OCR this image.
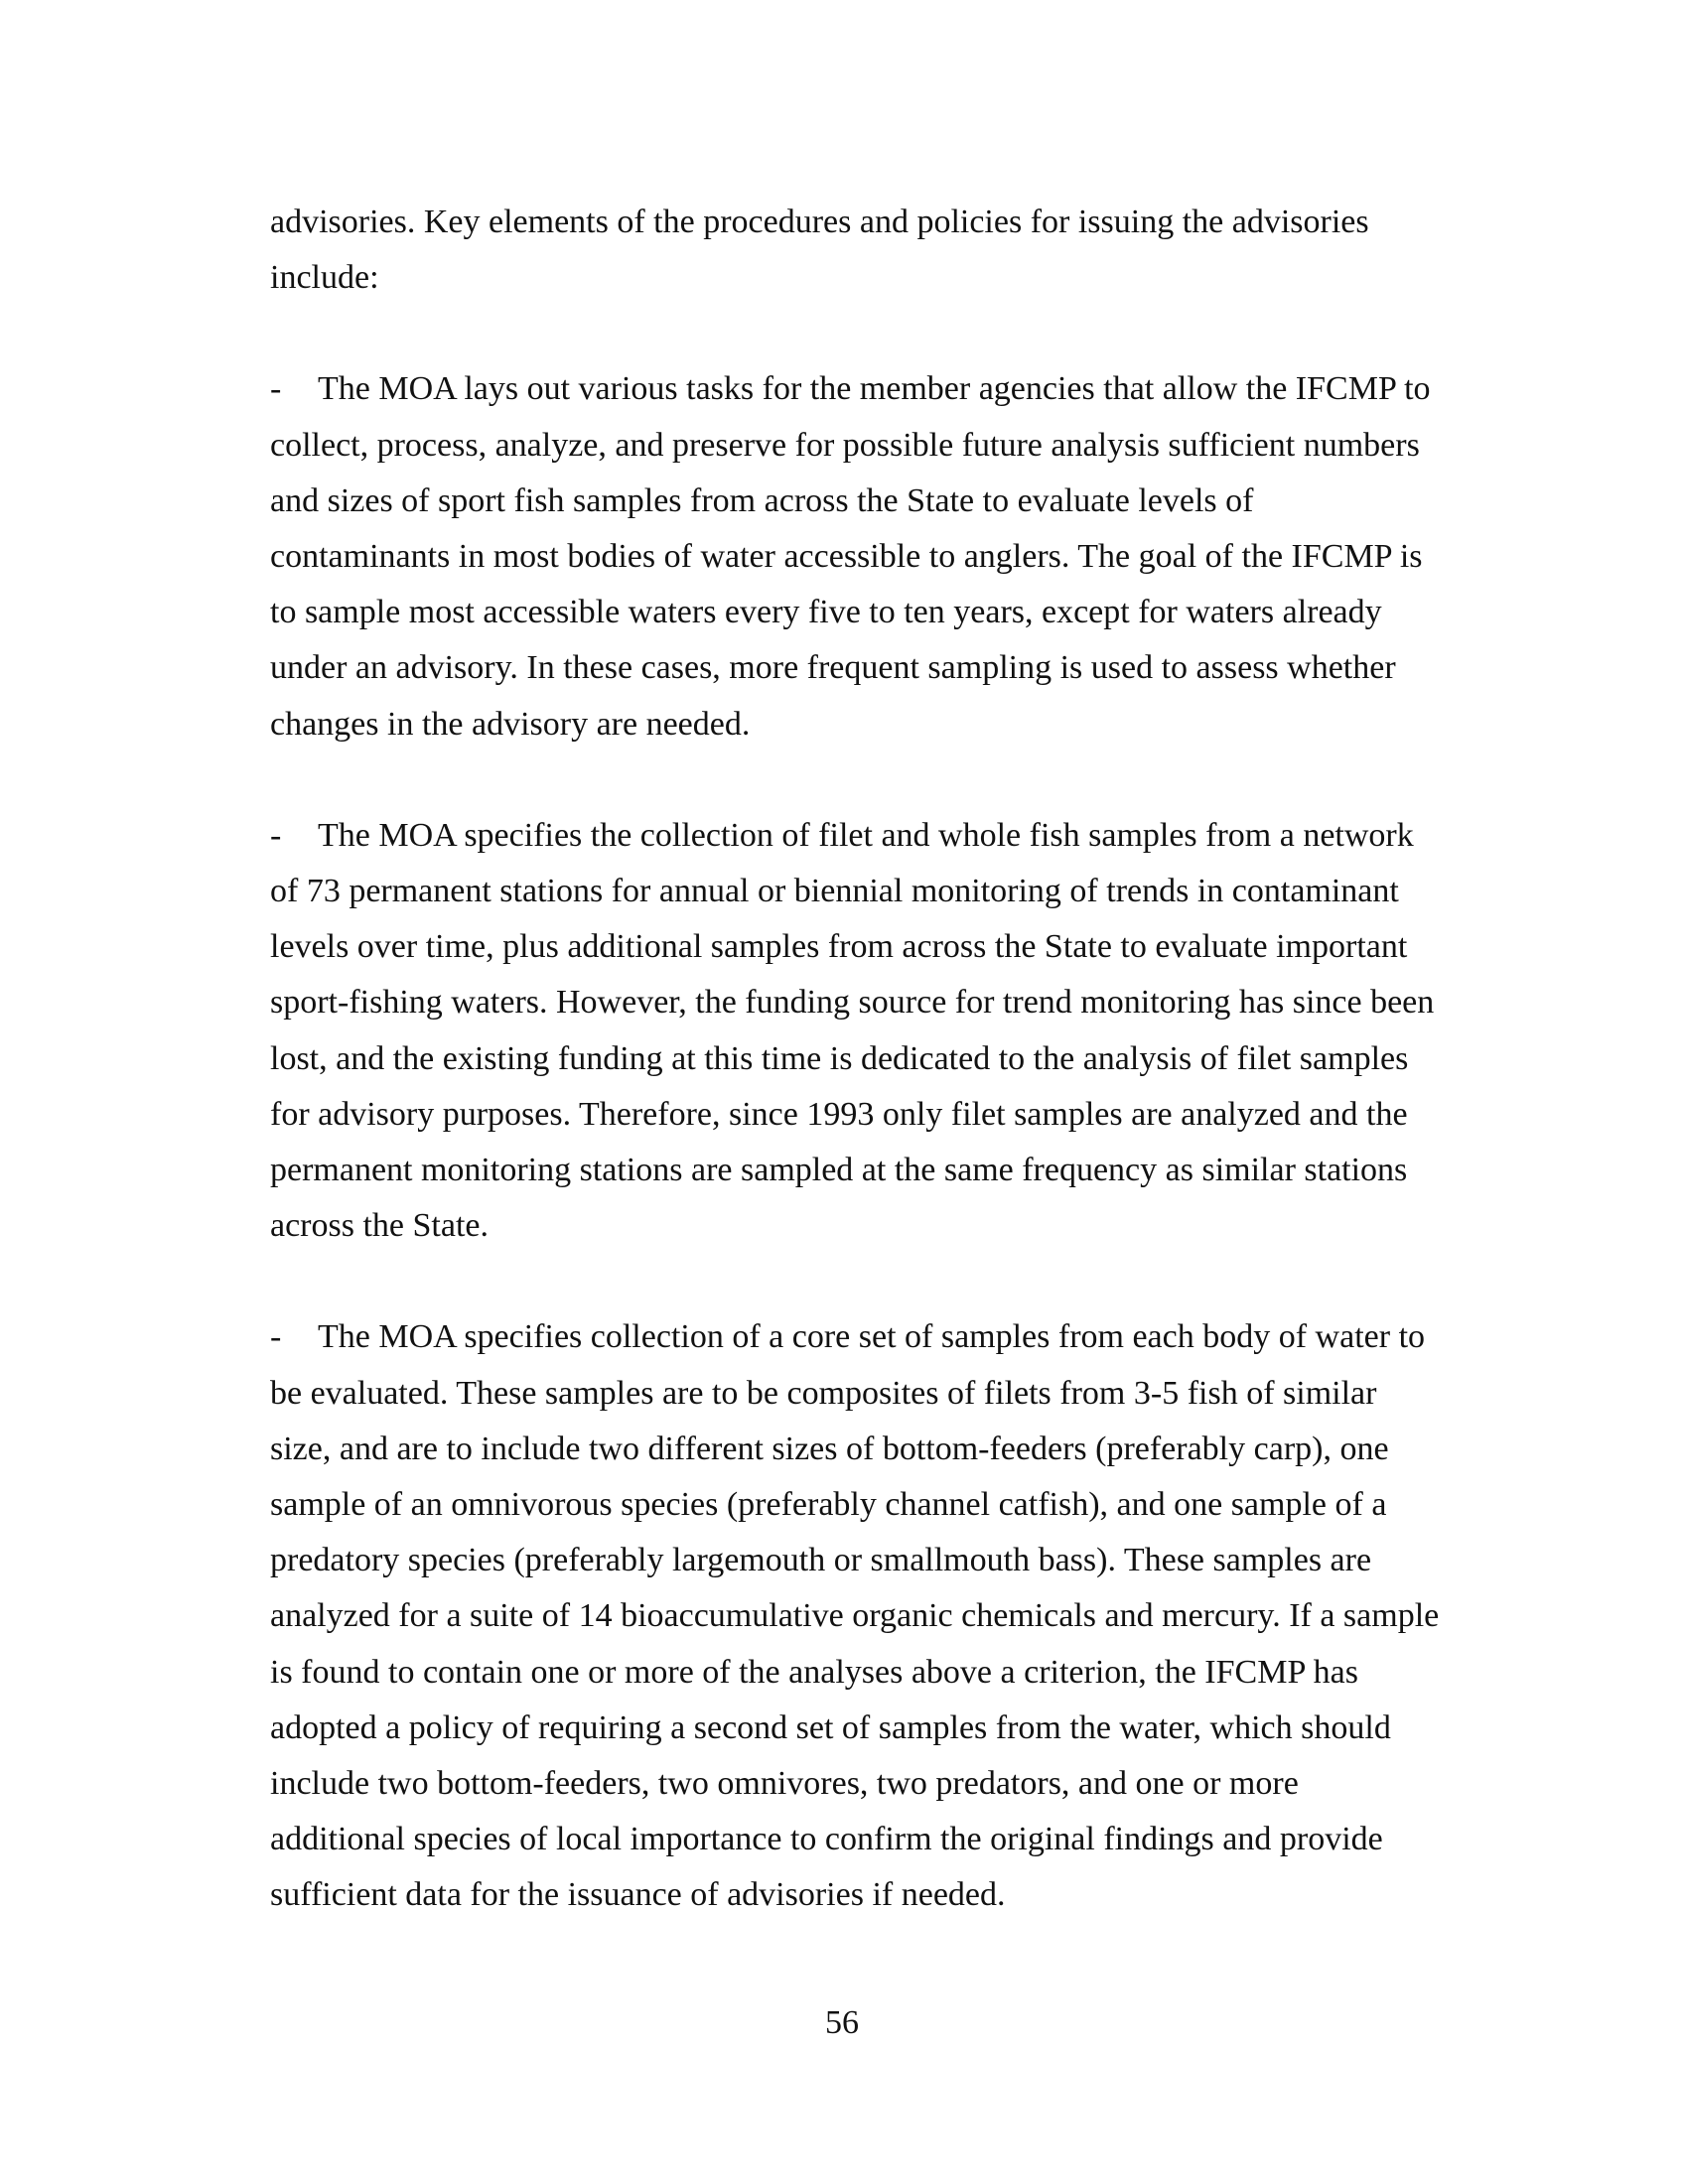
advisories. Key elements of the procedures and policies for issuing the advisories include:

- The MOA lays out various tasks for the member agencies that allow the IFCMP to collect, process, analyze, and preserve for possible future analysis sufficient numbers and sizes of sport fish samples from across the State to evaluate levels of contaminants in most bodies of water accessible to anglers. The goal of the IFCMP is to sample most accessible waters every five to ten years, except for waters already under an advisory. In these cases, more frequent sampling is used to assess whether changes in the advisory are needed.

- The MOA specifies the collection of filet and whole fish samples from a network of 73 permanent stations for annual or biennial monitoring of trends in contaminant levels over time, plus additional samples from across the State to evaluate important sport-fishing waters. However, the funding source for trend monitoring has since been lost, and the existing funding at this time is dedicated to the analysis of filet samples for advisory purposes. Therefore, since 1993 only filet samples are analyzed and the permanent monitoring stations are sampled at the same frequency as similar stations across the State.

- The MOA specifies collection of a core set of samples from each body of water to be evaluated. These samples are to be composites of filets from 3-5 fish of similar size, and are to include two different sizes of bottom-feeders (preferably carp), one sample of an omnivorous species (preferably channel catfish), and one sample of a predatory species (preferably largemouth or smallmouth bass). These samples are analyzed for a suite of 14 bioaccumulative organic chemicals and mercury. If a sample is found to contain one or more of the analyses above a criterion, the IFCMP has adopted a policy of requiring a second set of samples from the water, which should include two bottom-feeders, two omnivores, two predators, and one or more additional species of local importance to confirm the original findings and provide sufficient data for the issuance of advisories if needed.

56
